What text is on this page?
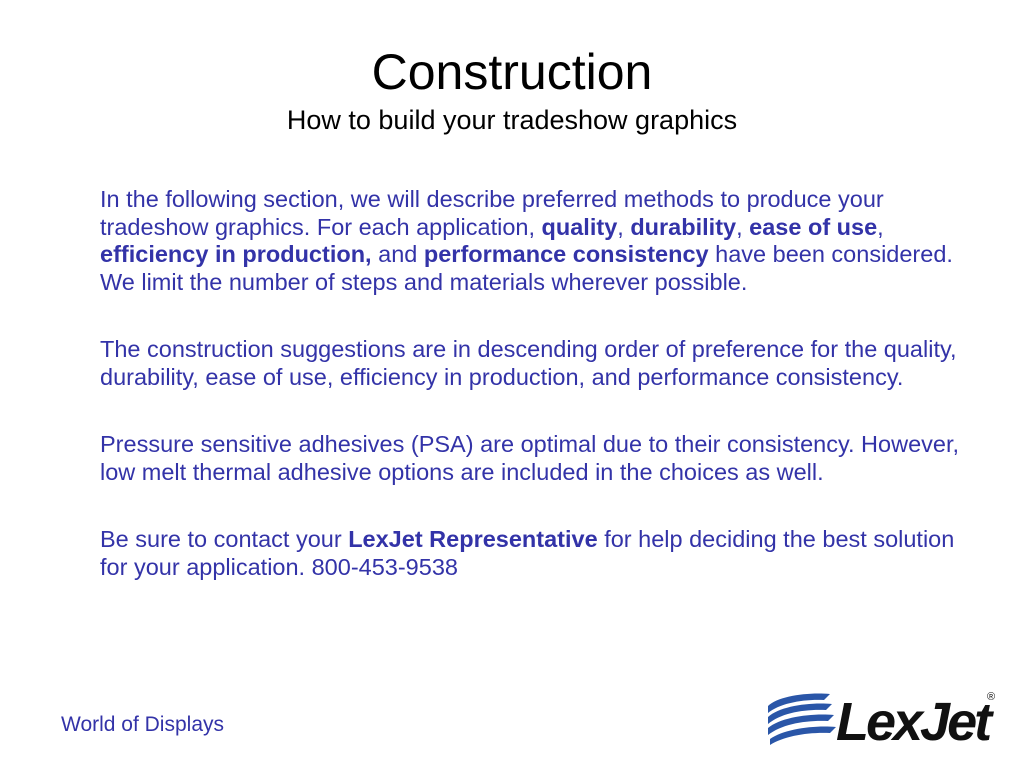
Construction
How to build your tradeshow graphics

In the following section, we will describe preferred methods to produce your tradeshow graphics. For each application, quality, durability, ease of use, efficiency in production, and performance consistency have been considered. We limit the number of steps and materials wherever possible.

The construction suggestions are in descending order of preference for the quality, durability, ease of use, efficiency in production, and performance consistency.

Pressure sensitive adhesives (PSA) are optimal due to their consistency. However, low melt thermal adhesive options are included in the choices as well.

Be sure to contact your LexJet Representative for help deciding the best solution for your application. 800-453-9538

World of Displays	LexJet
®
